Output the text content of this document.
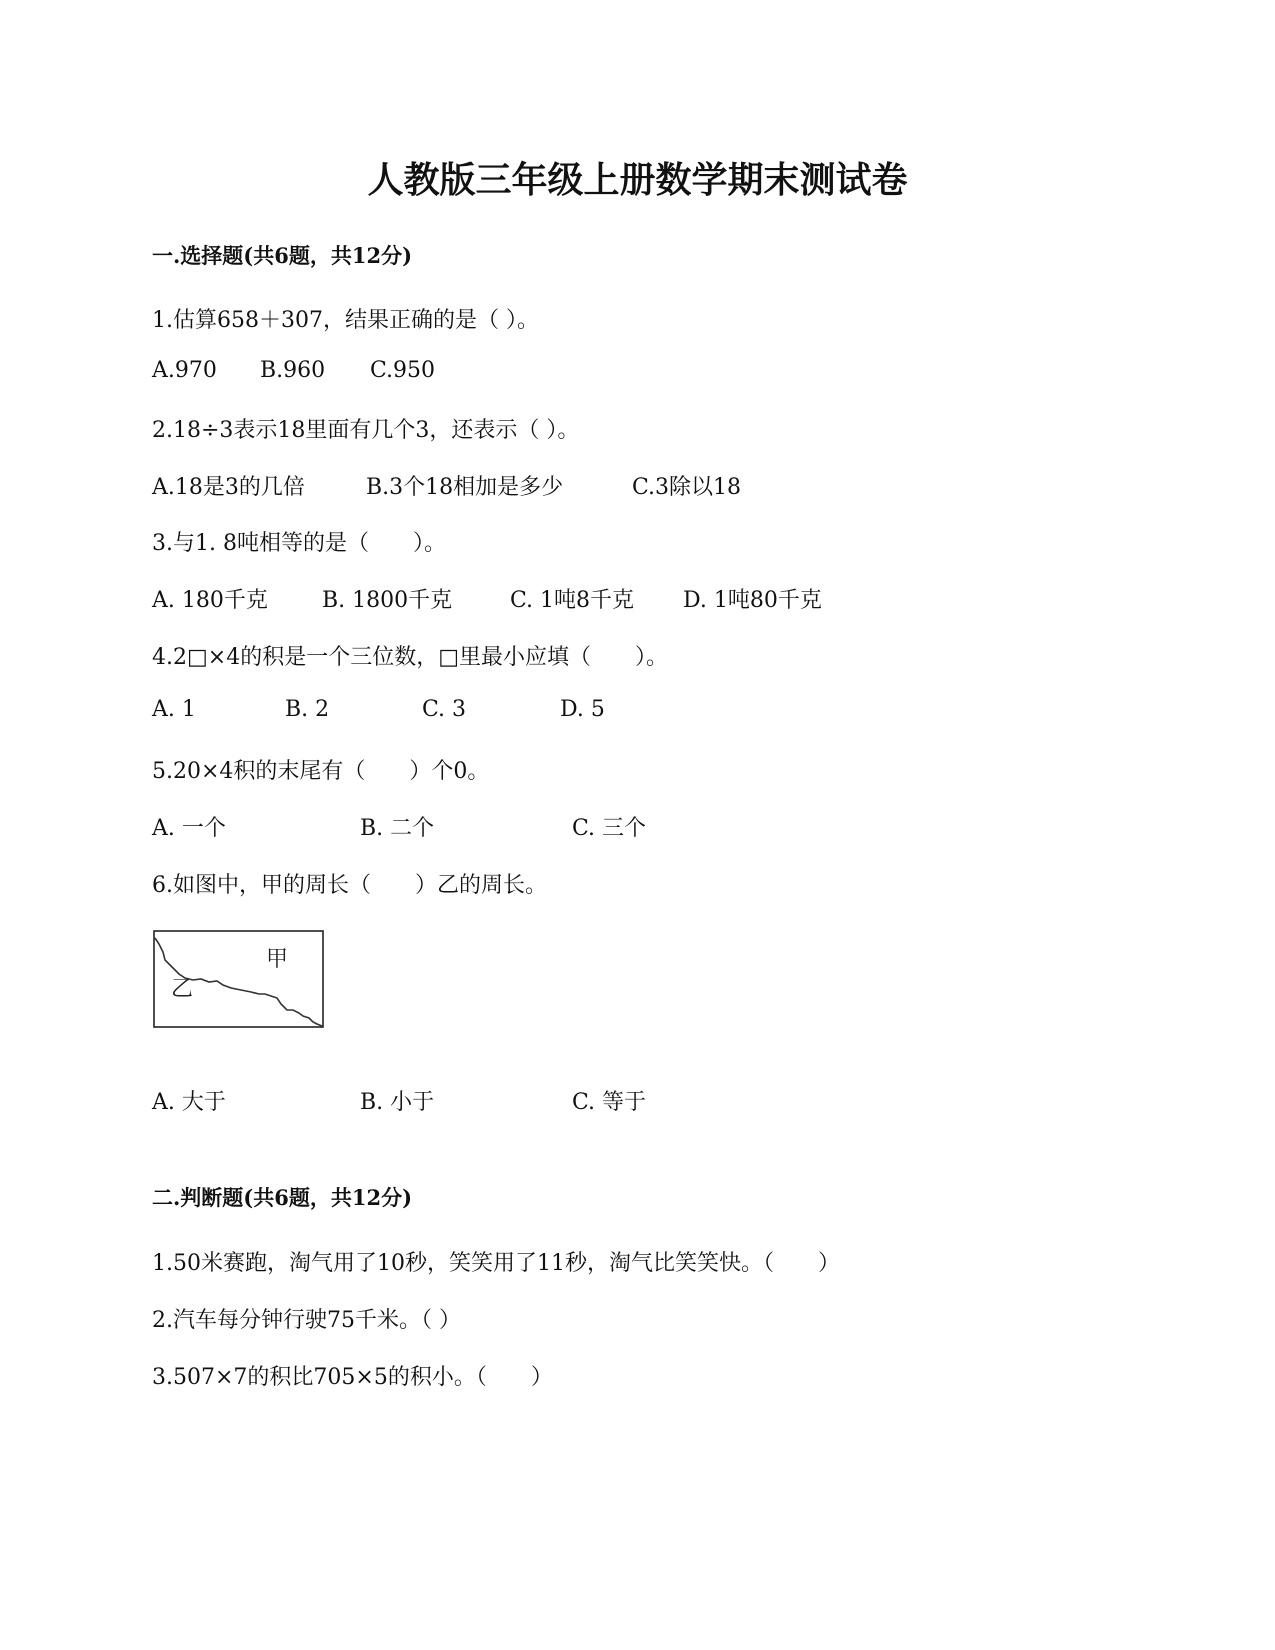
人教版三年级上册数学期末测试卷
一.选择题(共6题，共12分)
1.估算658＋307，结果正确的是（ ）。
A.970 B.960 C.950
2.18÷3表示18里面有几个3，还表示（ ）。
A.18是3的几倍	B.3个18相加是多少	C.3除以18
3.与1. 8吨相等的是（　　）。
A. 180千克 B. 1800千克	C. 1吨8千克 D. 1吨80千克
4.2□×4的积是一个三位数，□里最小应填（　　）。
A. 1	B. 2	C. 3	D. 5
5.20×4积的末尾有（　　）个0。
A. 一个	B. 二个	C. 三个
6.如图中，甲的周长（　　）乙的周长。
甲
乙
A. 大于	B. 小于	C. 等于
二.判断题(共6题，共12分)
1.50米赛跑，淘气用了10秒，笑笑用了11秒，淘气比笑笑快。（　　）
2.汽车每分钟行驶75千米。（ ）
3.507×7的积比705×5的积小。（　　）
